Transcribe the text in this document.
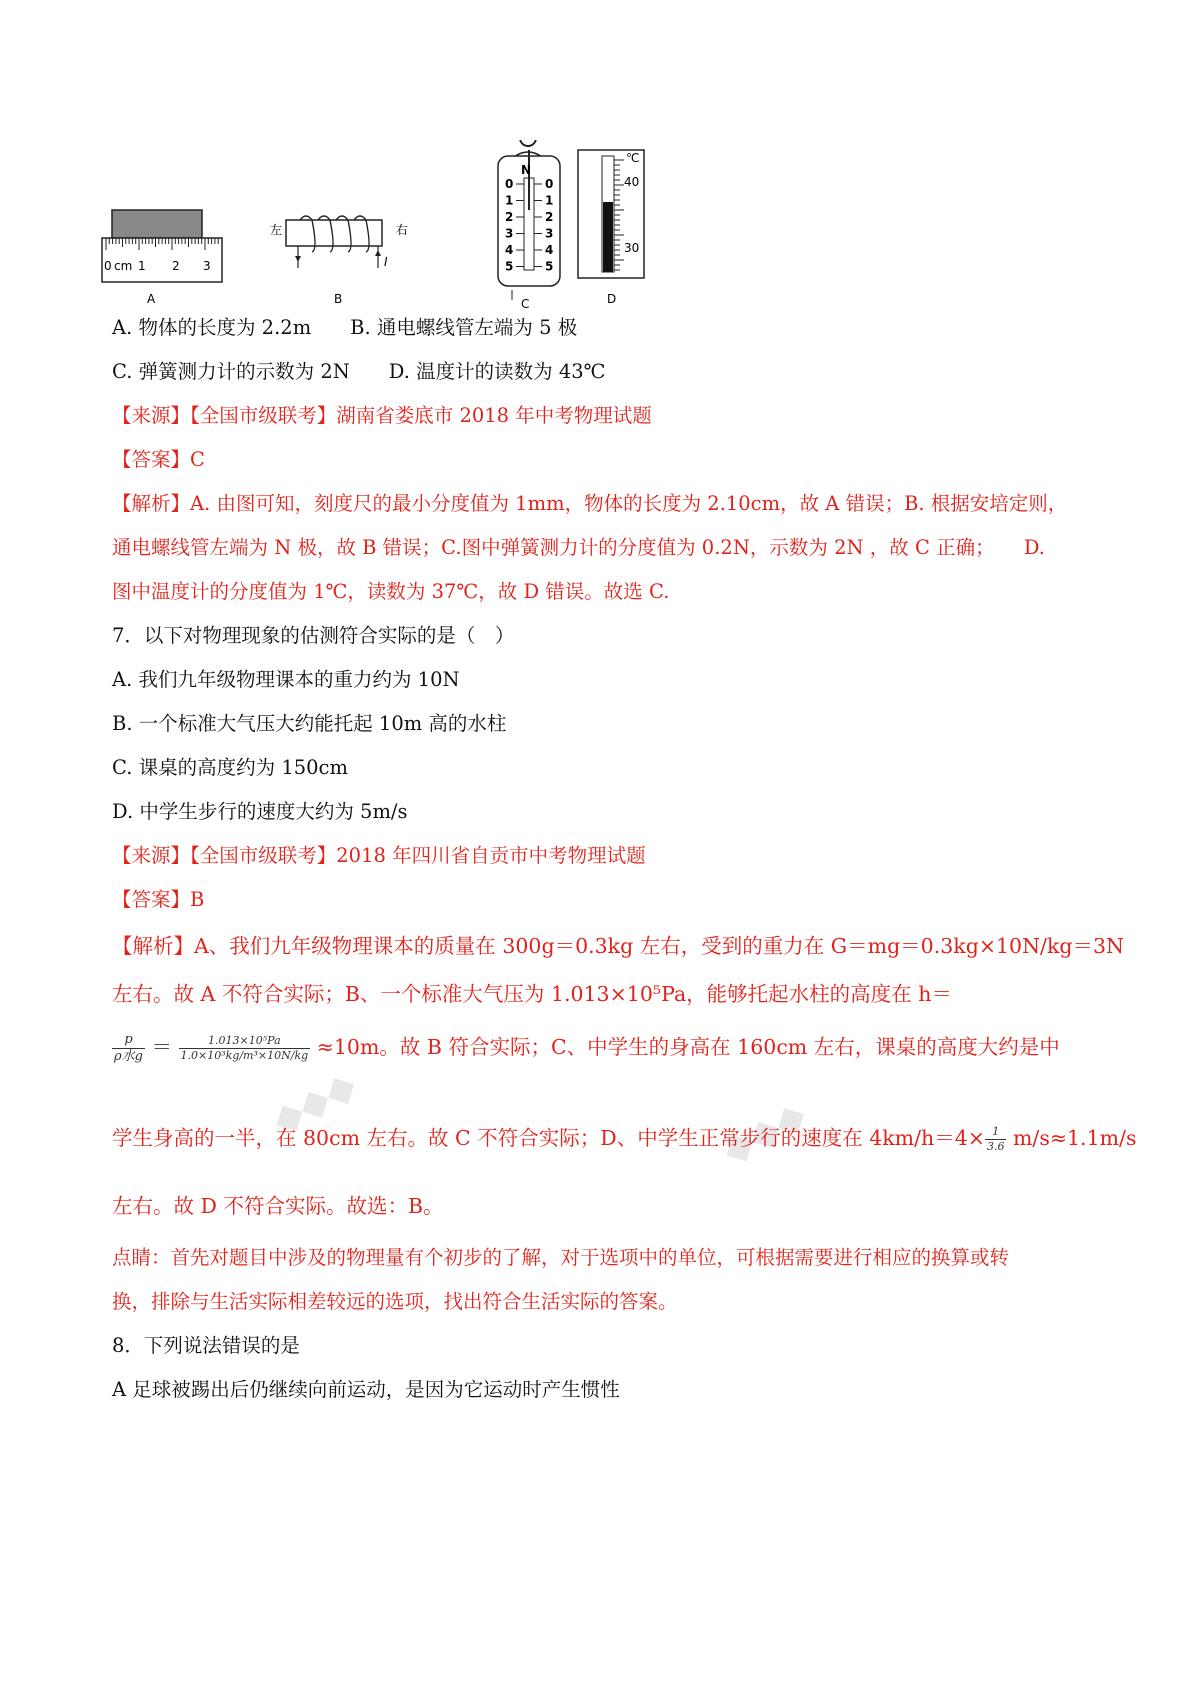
◆◆◆	◆◆◆
0 cm 1 2 3
A
左	右
I
B
N
0	0
1	1
2	2
3	3
4	4
5	5
C
℃
40
30
D
A. 物体的长度为 2.2m　　B. 通电螺线管左端为 5 极
C. 弹簧测力计的示数为 2N　　D. 温度计的读数为 43℃
【来源】【全国市级联考】湖南省娄底市 2018 年中考物理试题
【答案】C
【解析】A. 由图可知，刻度尺的最小分度值为 1mm，物体的长度为 2.10cm，故 A 错误；B. 根据安培定则，
通电螺线管左端为 N 极，故 B 错误；C.图中弹簧测力计的分度值为 0.2N，示数为 2N ，故 C 正确；　　D.
图中温度计的分度值为 1℃，读数为 37℃，故 D 错误。故选 C.
7．以下对物理现象的估测符合实际的是（　）
A. 我们九年级物理课本的重力约为 10N
B. 一个标准大气压大约能托起 10m 高的水柱
C. 课桌的高度约为 150cm
D. 中学生步行的速度大约为 5m/s
【来源】【全国市级联考】2018 年四川省自贡市中考物理试题
【答案】B
【解析】A、我们九年级物理课本的质量在 300g＝0.3kg 左右，受到的重力在 G＝mg＝0.3kg×10N/kg＝3N
左右。故 A 不符合实际；B、一个标准大气压为 1.013×10⁵Pa，能够托起水柱的高度在 h＝
$\frac{p}{\text{ρ水g}} = \frac{\text{1.013×10⁵Pa}}{\text{1.0×10³kg/m³×10N/kg}} \approx 10m$。故 B 符合实际；C、中学生的身高在 160cm 左右，课桌的高度大约是中
学生身高的一半，在 80cm 左右。故 C 不符合实际；D、中学生正常步行的速度在 $4km/h=4\times \frac{1}{3.6} m/s\approx 1.1m/s$
左右。故 D 不符合实际。故选：B。
点睛：首先对题目中涉及的物理量有个初步的了解，对于选项中的单位，可根据需要进行相应的换算或转
换，排除与生活实际相差较远的选项，找出符合生活实际的答案。
8．下列说法错误的是
A 足球被踢出后仍继续向前运动，是因为它运动时产生惯性
